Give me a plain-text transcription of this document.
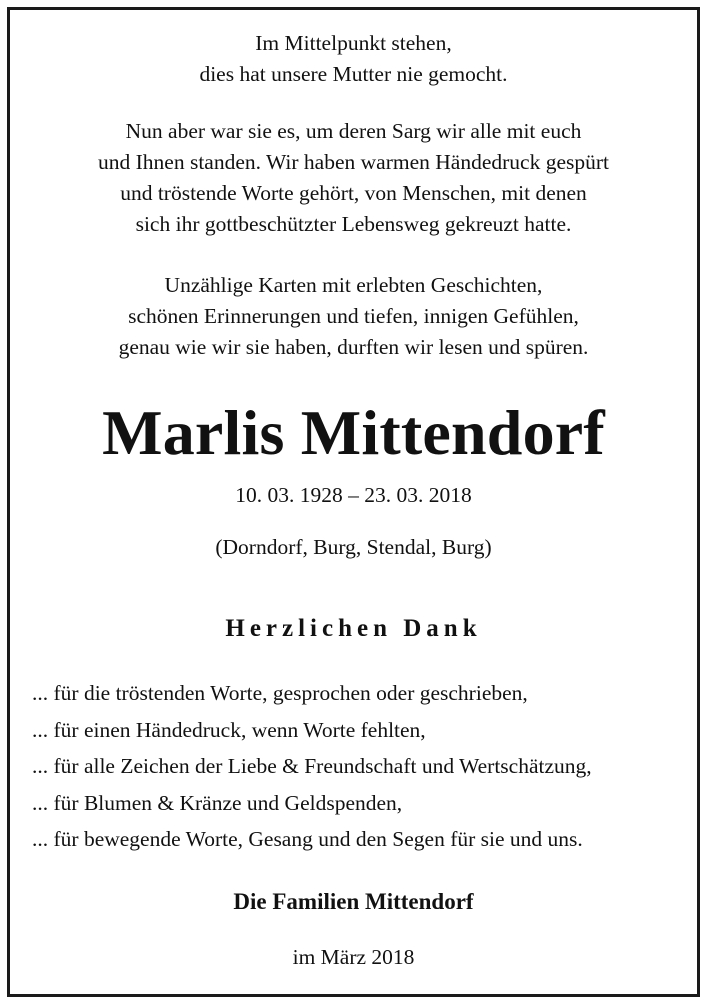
Im Mittelpunkt stehen,

dies hat unsere Mutter nie gemocht.

Nun aber war sie es, um deren Sarg wir alle mit euch

und Ihnen standen. Wir haben warmen Händedruck gespürt

und tröstende Worte gehört, von Menschen, mit denen

sich ihr gottbeschützter Lebensweg gekreuzt hatte.

Unzählige Karten mit erlebten Geschichten,

schönen Erinnerungen und tiefen, innigen Gefühlen,

genau wie wir sie haben, durften wir lesen und spüren.

Marlis Mittendorf
10. 03. 1928 – 23. 03. 2018
(Dorndorf, Burg, Stendal, Burg)
Herzlichen Dank
... für die tröstenden Worte, gesprochen oder geschrieben,
... für einen Händedruck, wenn Worte fehlten,
... für alle Zeichen der Liebe & Freundschaft und Wertschätzung,
... für Blumen & Kränze und Geldspenden,
... für bewegende Worte, Gesang und den Segen für sie und uns.
Die Familien Mittendorf
im März 2018
